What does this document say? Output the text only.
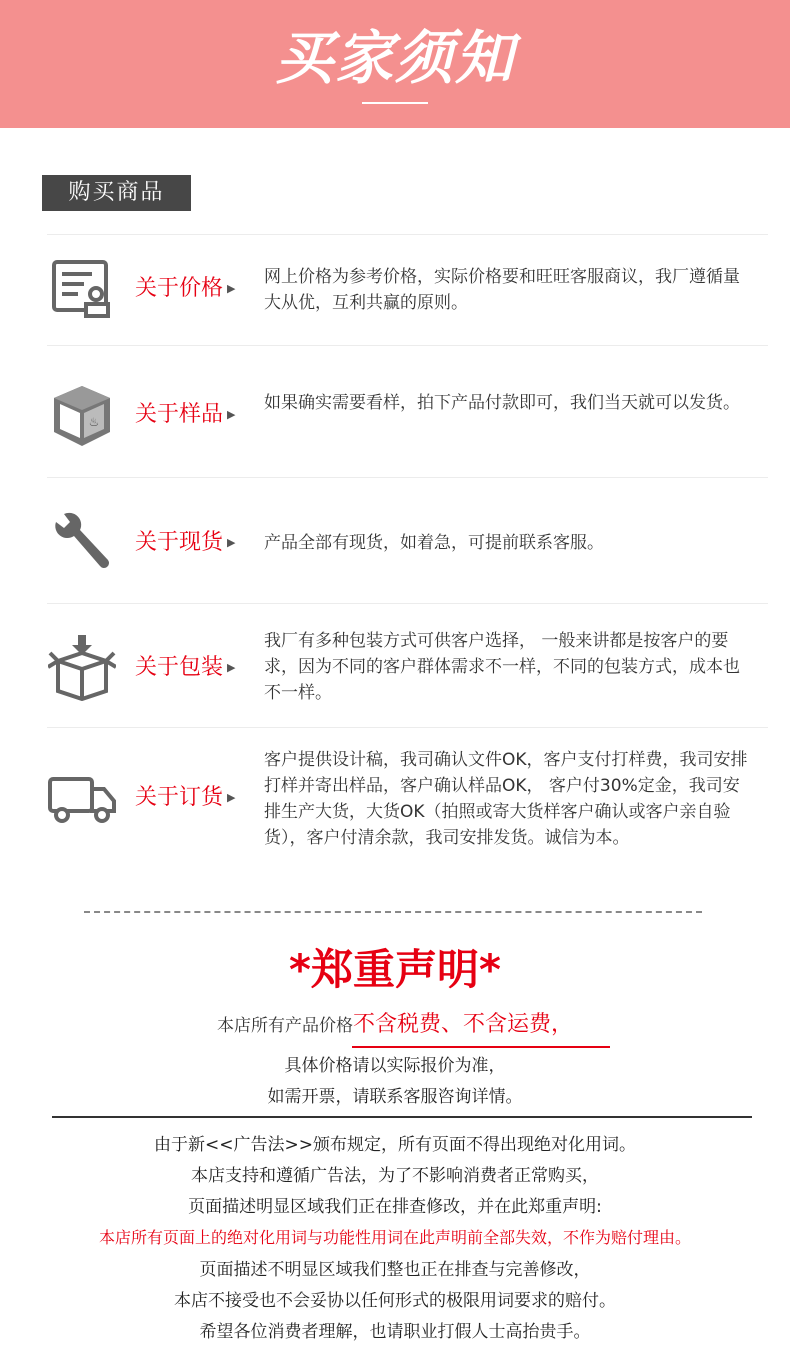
买家须知
购买商品
关于价格 ▶
网上价格为参考价格，实际价格要和旺旺客服商议，我厂遵循量大从优，互利共赢的原则。
♨ 关于样品 ▶
如果确实需要看样，拍下产品付款即可，我们当天就可以发货。
关于现货 ▶	产品全部有现货，如着急，可提前联系客服。
关于包装 ▶
我厂有多种包装方式可供客户选择， 一般来讲都是按客户的要求，因为不同的客户群体需求不一样，不同的包装方式，成本也不一样。
关于订货 ▶
客户提供设计稿，我司确认文件OK，客户支付打样费，我司安排打样并寄出样品，客户确认样品OK， 客户付30%定金，我司安排生产大货，大货OK（拍照或寄大货样客户确认或客户亲自验货），客户付清余款，我司安排发货。诚信为本。
*郑重声明*
本店所有产品价格不含税费、不含运费，
具体价格请以实际报价为准，
如需开票，请联系客服咨询详情。
由于新<<广告法>>颁布规定，所有页面不得出现绝对化用词。
本店支持和遵循广告法，为了不影响消费者正常购买，
页面描述明显区域我们正在排查修改，并在此郑重声明:
本店所有页面上的绝对化用词与功能性用词在此声明前全部失效，不作为赔付理由。
页面描述不明显区域我们整也正在排查与完善修改，
本店不接受也不会妥协以任何形式的极限用词要求的赔付。
希望各位消费者理解，也请职业打假人士高抬贵手。
